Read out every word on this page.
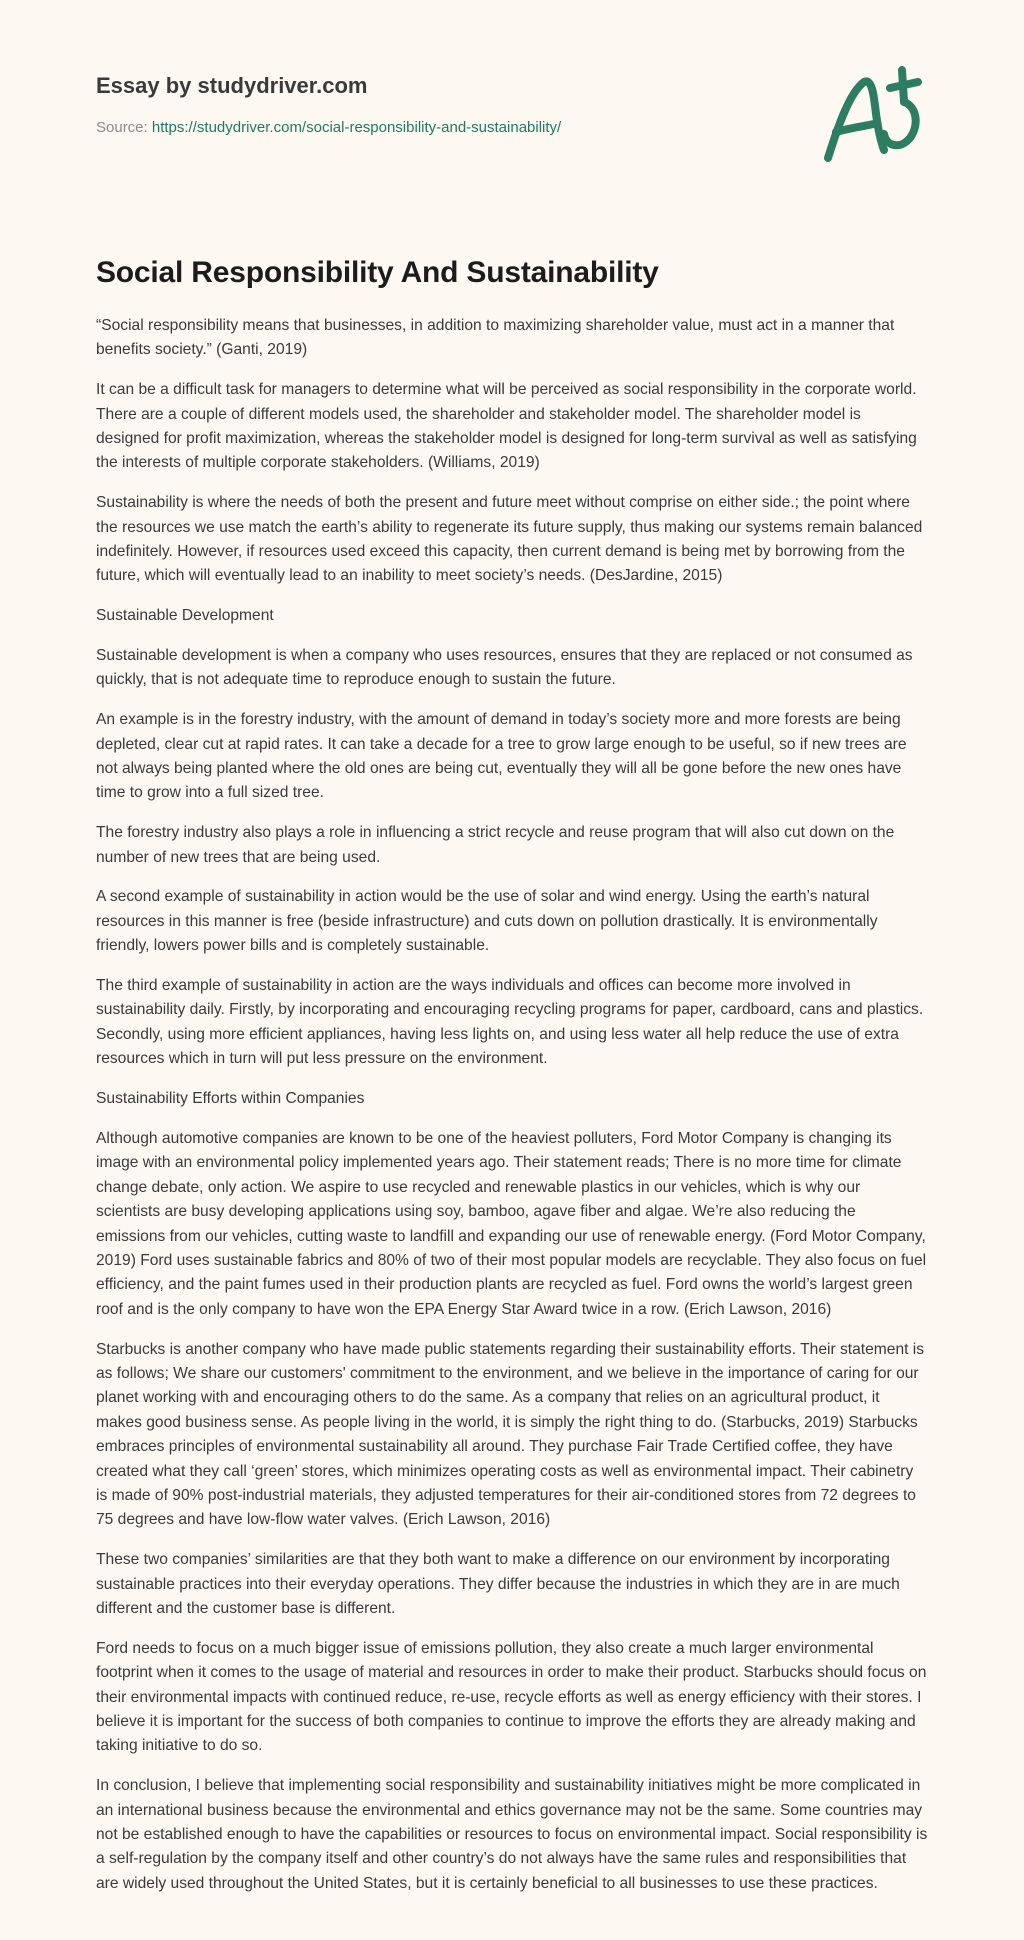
Essay by studydriver.com
Source: https://studydriver.com/social-responsibility-and-sustainability/
Social Responsibility And Sustainability

“Social responsibility means that businesses, in addition to maximizing shareholder value, must act in a manner that benefits society.” (Ganti, 2019)

It can be a difficult task for managers to determine what will be perceived as social responsibility in the corporate world. There are a couple of different models used, the shareholder and stakeholder model. The shareholder model is designed for profit maximization, whereas the stakeholder model is designed for long-term survival as well as satisfying the interests of multiple corporate stakeholders. (Williams, 2019)

Sustainability is where the needs of both the present and future meet without comprise on either side.; the point where the resources we use match the earth’s ability to regenerate its future supply, thus making our systems remain balanced indefinitely. However, if resources used exceed this capacity, then current demand is being met by borrowing from the future, which will eventually lead to an inability to meet society’s needs. (DesJardine, 2015)

Sustainable Development

Sustainable development is when a company who uses resources, ensures that they are replaced or not consumed as quickly, that is not adequate time to reproduce enough to sustain the future.

An example is in the forestry industry, with the amount of demand in today’s society more and more forests are being depleted, clear cut at rapid rates. It can take a decade for a tree to grow large enough to be useful, so if new trees are not always being planted where the old ones are being cut, eventually they will all be gone before the new ones have time to grow into a full sized tree.

The forestry industry also plays a role in influencing a strict recycle and reuse program that will also cut down on the number of new trees that are being used.

A second example of sustainability in action would be the use of solar and wind energy. Using the earth’s natural resources in this manner is free (beside infrastructure) and cuts down on pollution drastically. It is environmentally friendly, lowers power bills and is completely sustainable.

The third example of sustainability in action are the ways individuals and offices can become more involved in sustainability daily. Firstly, by incorporating and encouraging recycling programs for paper, cardboard, cans and plastics. Secondly, using more efficient appliances, having less lights on, and using less water all help reduce the use of extra resources which in turn will put less pressure on the environment.

Sustainability Efforts within Companies

Although automotive companies are known to be one of the heaviest polluters, Ford Motor Company is changing its image with an environmental policy implemented years ago. Their statement reads; There is no more time for climate change debate, only action. We aspire to use recycled and renewable plastics in our vehicles, which is why our scientists are busy developing applications using soy, bamboo, agave fiber and algae. We’re also reducing the emissions from our vehicles, cutting waste to landfill and expanding our use of renewable energy. (Ford Motor Company, 2019) Ford uses sustainable fabrics and 80% of two of their most popular models are recyclable. They also focus on fuel efficiency, and the paint fumes used in their production plants are recycled as fuel. Ford owns the world’s largest green roof and is the only company to have won the EPA Energy Star Award twice in a row. (Erich Lawson, 2016)

Starbucks is another company who have made public statements regarding their sustainability efforts. Their statement is as follows; We share our customers' commitment to the environment, and we believe in the importance of caring for our planet working with and encouraging others to do the same. As a company that relies on an agricultural product, it makes good business sense. As people living in the world, it is simply the right thing to do. (Starbucks, 2019) Starbucks embraces principles of environmental sustainability all around. They purchase Fair Trade Certified coffee, they have created what they call ‘green’ stores, which minimizes operating costs as well as environmental impact. Their cabinetry is made of 90% post-industrial materials, they adjusted temperatures for their air-conditioned stores from 72 degrees to 75 degrees and have low-flow water valves. (Erich Lawson, 2016)

These two companies’ similarities are that they both want to make a difference on our environment by incorporating sustainable practices into their everyday operations. They differ because the industries in which they are in are much different and the customer base is different.

Ford needs to focus on a much bigger issue of emissions pollution, they also create a much larger environmental footprint when it comes to the usage of material and resources in order to make their product. Starbucks should focus on their environmental impacts with continued reduce, re-use, recycle efforts as well as energy efficiency with their stores. I believe it is important for the success of both companies to continue to improve the efforts they are already making and taking initiative to do so.

In conclusion, I believe that implementing social responsibility and sustainability initiatives might be more complicated in an international business because the environmental and ethics governance may not be the same. Some countries may not be established enough to have the capabilities or resources to focus on environmental impact. Social responsibility is a self-regulation by the company itself and other country’s do not always have the same rules and responsibilities that are widely used throughout the United States, but it is certainly beneficial to all businesses to use these practices.
